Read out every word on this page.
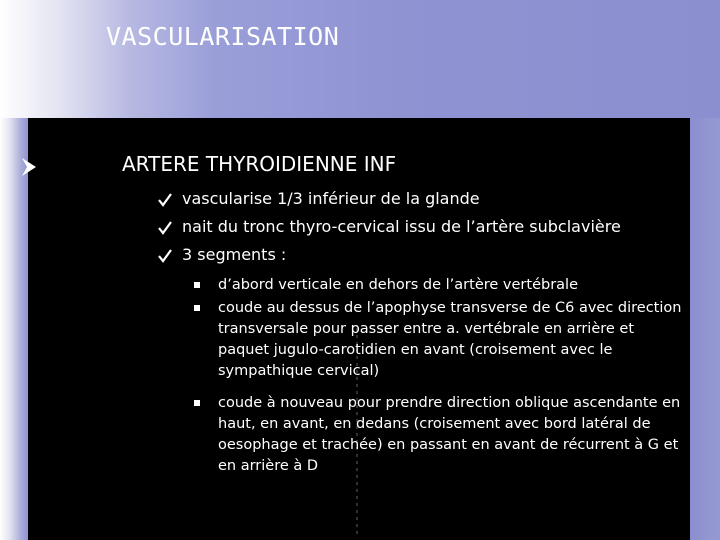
VASCULARISATION
ARTERE THYROIDIENNE INF
vascularise 1/3 inférieur de la glande
nait du tronc thyro-cervical issu de l’artère subclavière
3 segments :
d’abord verticale en dehors de l’artère vertébrale
coude au dessus de l’apophyse transverse de C6 avec direction transversale pour passer entre a. vertébrale en arrière et paquet jugulo-carotidien en avant (croisement avec le sympathique cervical)
coude à nouveau pour prendre direction oblique ascendante en haut, en avant, en dedans (croisement avec bord latéral de oesophage et trachée) en passant en avant de récurrent à G et en arrière à D
